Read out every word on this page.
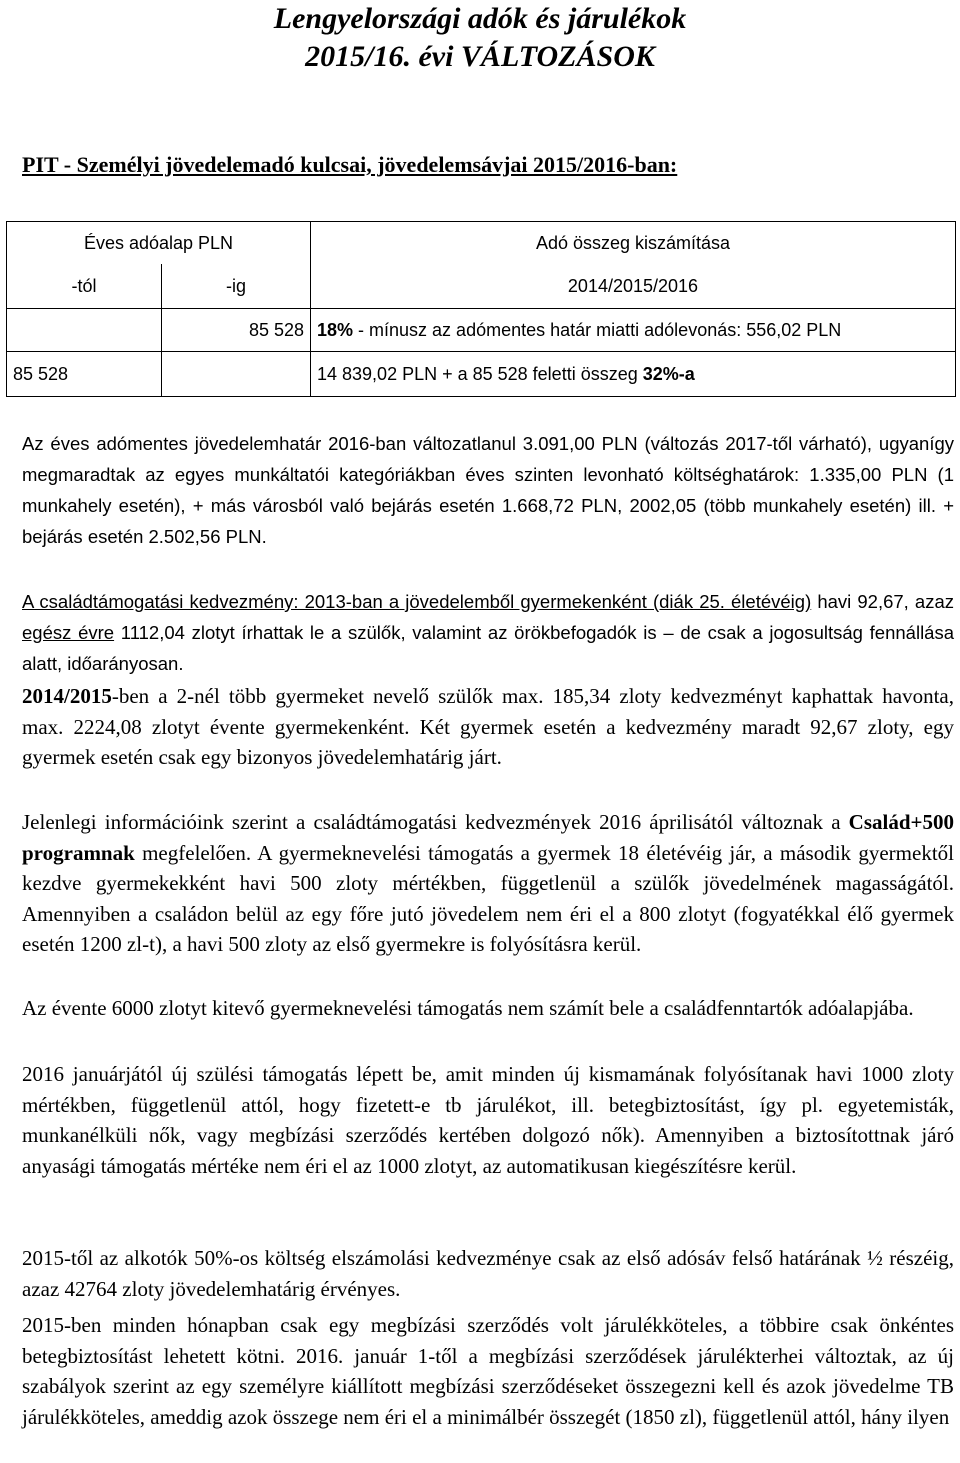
Lengyelországi adók és járulékok
2015/16. évi VÁLTOZÁSOK
PIT - Személyi jövedelemadó kulcsai, jövedelemsávjai 2015/2016-ban:
Éves adóalap PLN		Adó összeg kiszámítása
-tól	-ig	2014/2015/2016
	85 528	18% - mínusz az adómentes határ miatti adólevonás: 556,02 PLN
85 528		14 839,02 PLN + a 85 528 feletti összeg 32%-a

Az éves adómentes jövedelemhatár 2016-ban változatlanul 3.091,00 PLN (változás 2017-től várható), ugyanígy megmaradtak az egyes munkáltatói kategóriákban éves szinten levonható költséghatárok: 1.335,00 PLN (1 munkahely esetén), + más városból való bejárás esetén 1.668,72 PLN, 2002,05 (több munkahely esetén) ill. + bejárás esetén 2.502,56 PLN.

A családtámogatási kedvezmény: 2013-ban a jövedelemből gyermekenként (diák 25. életévéig) havi 92,67, azaz egész évre 1112,04 zlotyt írhattak le a szülők, valamint az örökbefogadók is – de csak a jogosultság fennállása alatt, időarányosan.

2014/2015-ben a 2-nél több gyermeket nevelő szülők max. 185,34 zloty kedvezményt kaphattak havonta, max. 2224,08 zlotyt évente gyermekenként. Két gyermek esetén a kedvezmény maradt 92,67 zloty, egy gyermek esetén csak egy bizonyos jövedelemhatárig járt.

Jelenlegi információink szerint a családtámogatási kedvezmények 2016 áprilisától változnak a Család+500 programnak megfelelően. A gyermeknevelési támogatás a gyermek 18 életévéig jár, a második gyermektől kezdve gyermekekként havi 500 zloty mértékben, függetlenül a szülők jövedelmének magasságától. Amennyiben a családon belül az egy főre jutó jövedelem nem éri el a 800 zlotyt (fogyatékkal élő gyermek esetén 1200 zl-t), a havi 500 zloty az első gyermekre is folyósításra kerül.

Az évente 6000 zlotyt kitevő gyermeknevelési támogatás nem számít bele a családfenntartók adóalapjába.

2016 januárjától új szülési támogatás lépett be, amit minden új kismamának folyósítanak havi 1000 zloty mértékben, függetlenül attól, hogy fizetett-e tb járulékot, ill. betegbiztosítást, így pl. egyetemisták, munkanélküli nők, vagy megbízási szerződés kertében dolgozó nők). Amennyiben a biztosítottnak járó anyasági támogatás mértéke nem éri el az 1000 zlotyt, az automatikusan kiegészítésre kerül.

2015-től az alkotók 50%-os költség elszámolási kedvezménye csak az első adósáv felső határának ½ részéig, azaz 42764 zloty jövedelemhatárig érvényes.

2015-ben minden hónapban csak egy megbízási szerződés volt járulékköteles, a többire csak önkéntes betegbiztosítást lehetett kötni. 2016. január 1-től a megbízási szerződések járulékterhei változtak, az új szabályok szerint az egy személyre kiállított megbízási szerződéseket összegezni kell és azok jövedelme TB járulékköteles, ameddig azok összege nem éri el a minimálbér összegét (1850 zl), függetlenül attól, hány ilyen
